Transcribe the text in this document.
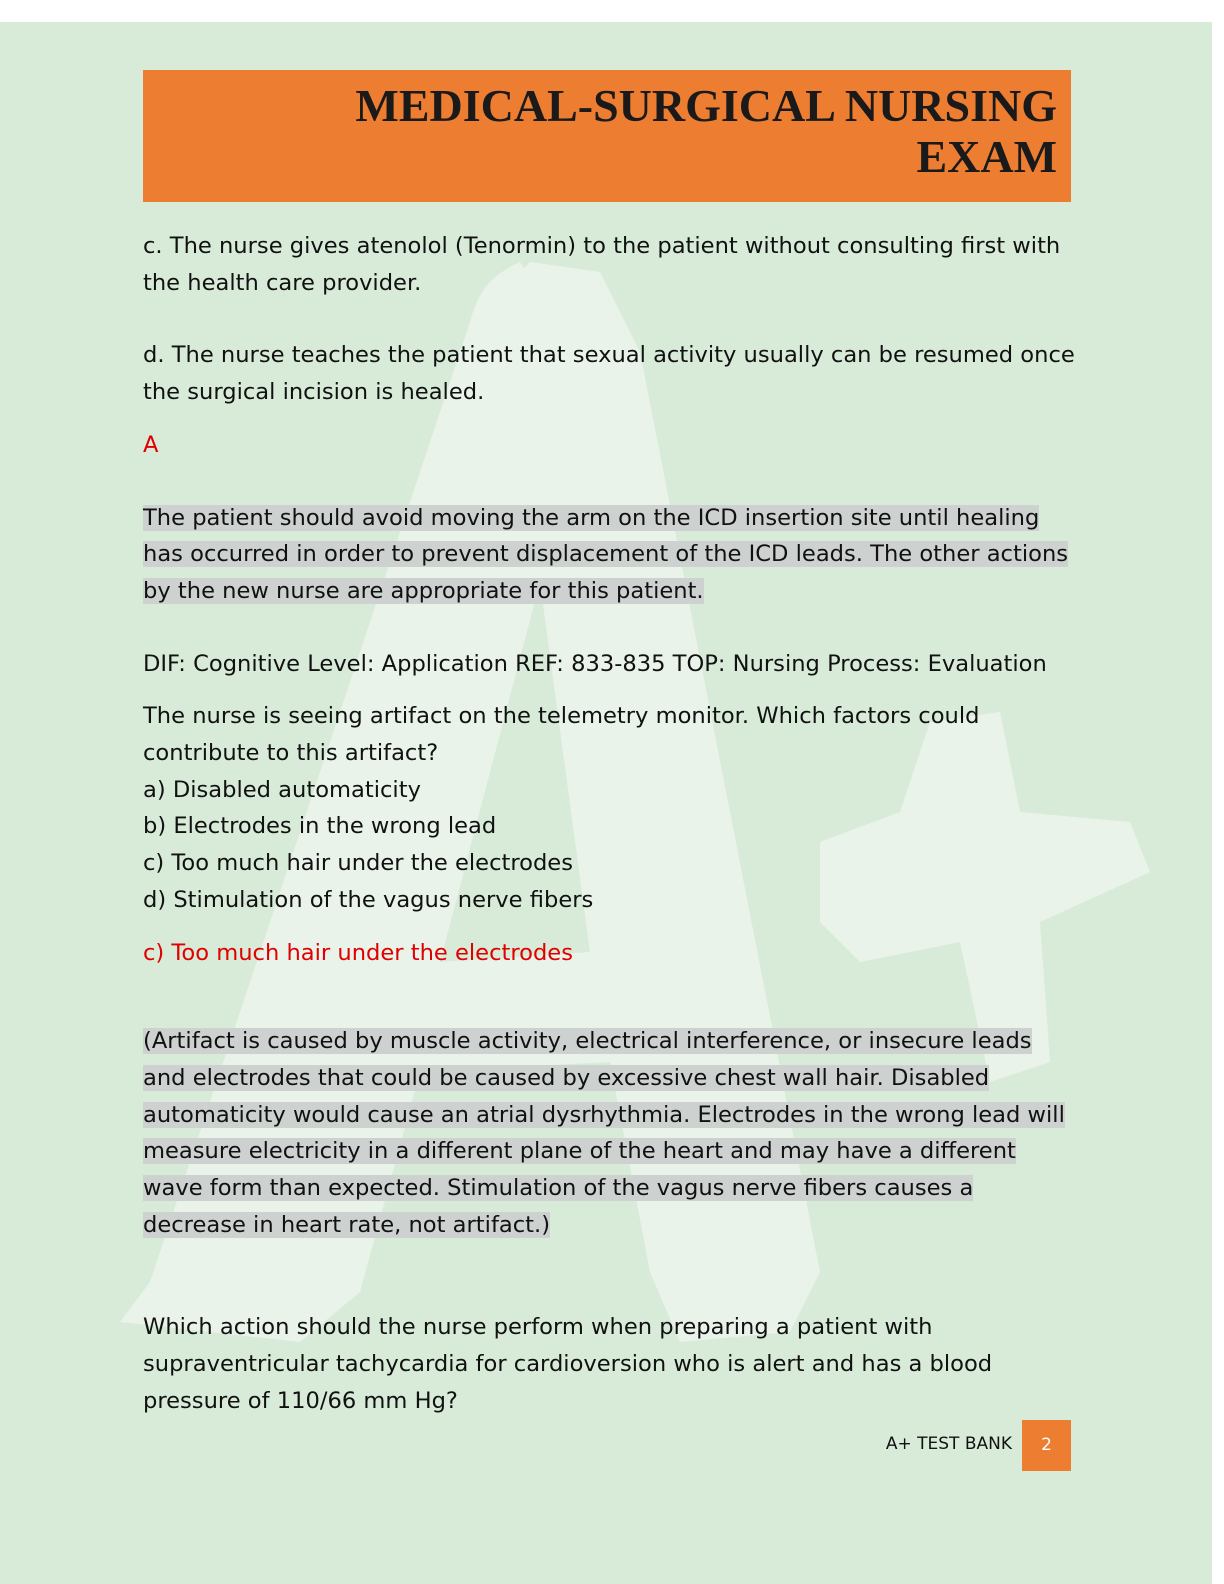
MEDICAL-SURGICAL NURSING
EXAM

c. The nurse gives atenolol (Tenormin) to the patient without consulting first with the health care provider.

d. The nurse teaches the patient that sexual activity usually can be resumed once the surgical incision is healed.

A

The patient should avoid moving the arm on the ICD insertion site until healing has occurred in order to prevent displacement of the ICD leads. The other actions by the new nurse are appropriate for this patient.

DIF: Cognitive Level: Application REF: 833-835 TOP: Nursing Process: Evaluation

The nurse is seeing artifact on the telemetry monitor. Which factors could contribute to this artifact?

a) Disabled automaticity

b) Electrodes in the wrong lead

c) Too much hair under the electrodes

d) Stimulation of the vagus nerve fibers

c) Too much hair under the electrodes

(Artifact is caused by muscle activity, electrical interference, or insecure leads and electrodes that could be caused by excessive chest wall hair. Disabled automaticity would cause an atrial dysrhythmia. Electrodes in the wrong lead will measure electricity in a different plane of the heart and may have a different wave form than expected. Stimulation of the vagus nerve fibers causes a decrease in heart rate, not artifact.)

Which action should the nurse perform when preparing a patient with supraventricular tachycardia for cardioversion who is alert and has a blood pressure of 110/66 mm Hg?

A+ TEST BANK	2
